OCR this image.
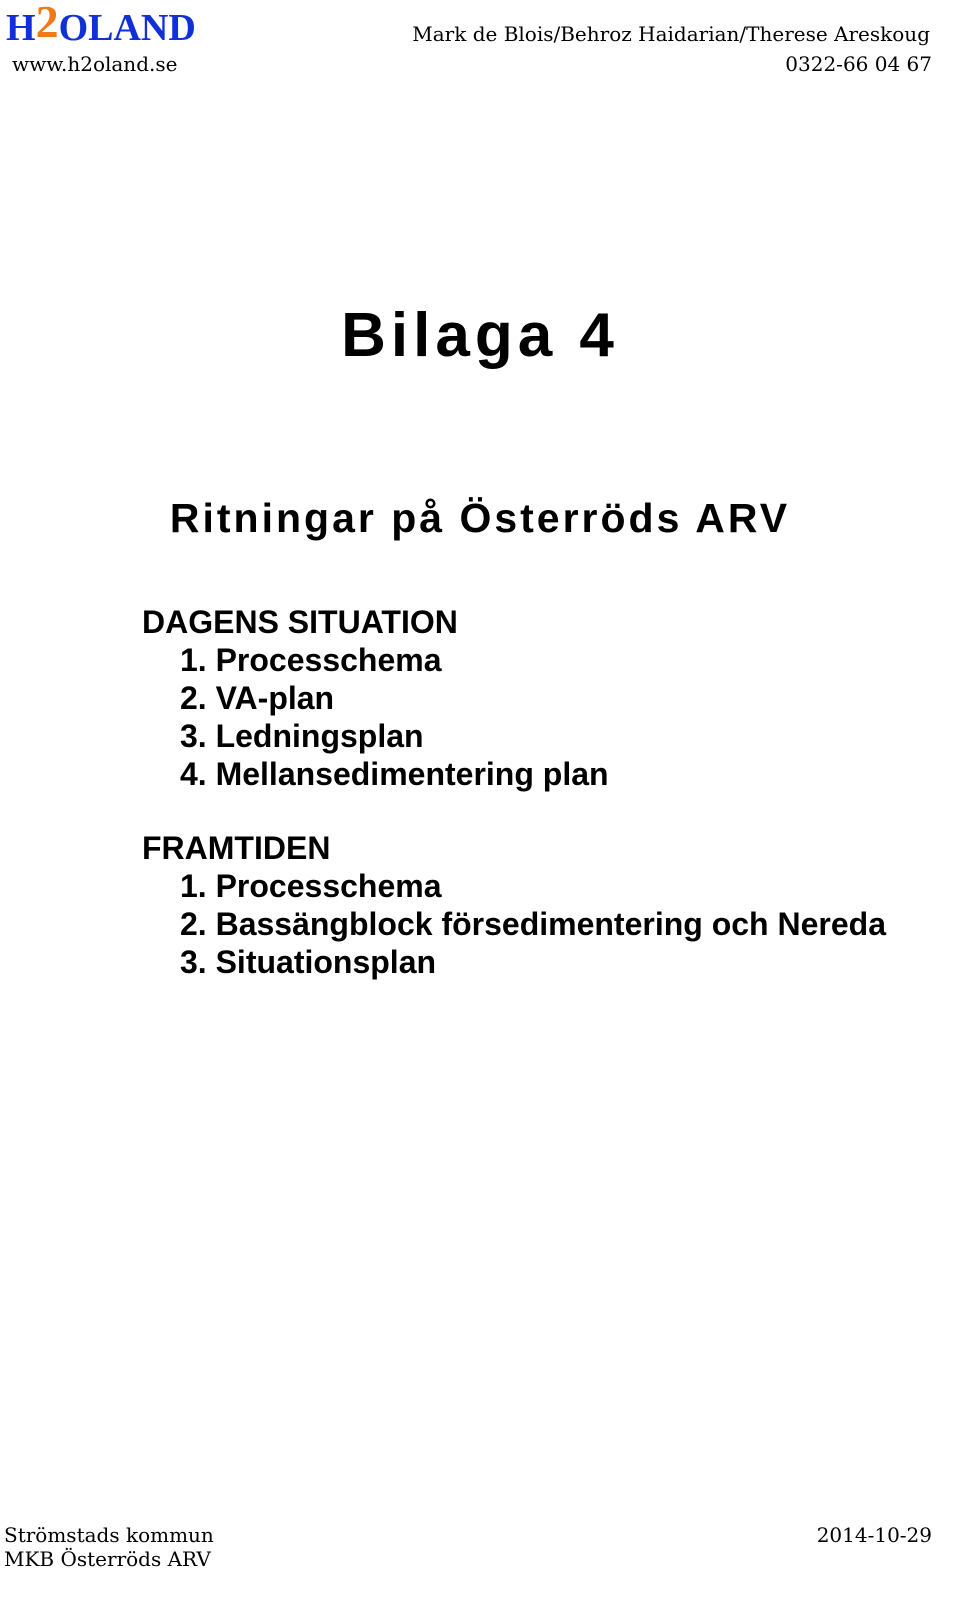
H2OLAND
www.h2oland.se
Mark de Blois/Behroz Haidarian/Therese Areskoug
0322-66 04 67
Bilaga 4
Ritningar på Österröds ARV
DAGENS SITUATION
1. Processchema
2. VA-plan
3. Ledningsplan
4. Mellansedimentering plan
FRAMTIDEN
1. Processchema
2. Bassängblock försedimentering och Nereda
3. Situationsplan
Strömstads kommun
MKB Österröds ARV
2014-10-29
